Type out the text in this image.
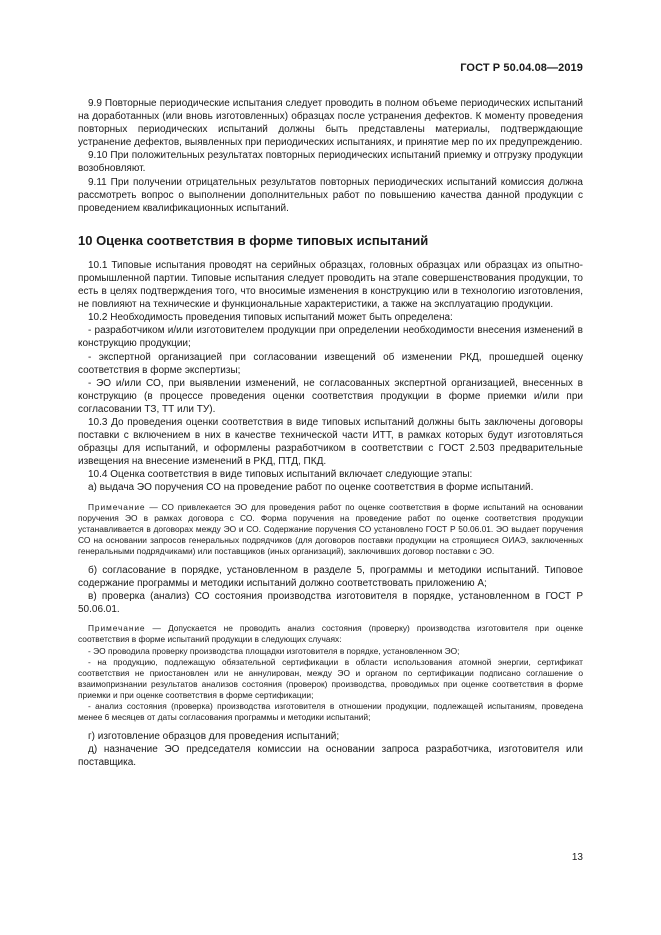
ГОСТ Р 50.04.08—2019

9.9 Повторные периодические испытания следует проводить в полном объеме периодических испытаний на доработанных (или вновь изготовленных) образцах после устранения дефектов. К моменту проведения повторных периодических испытаний должны быть представлены материалы, подтверждающие устранение дефектов, выявленных при периодических испытаниях, и принятие мер по их предупреждению.

9.10 При положительных результатах повторных периодических испытаний приемку и отгрузку продукции возобновляют.

9.11 При получении отрицательных результатов повторных периодических испытаний комиссия должна рассмотреть вопрос о выполнении дополнительных работ по повышению качества данной продукции с проведением квалификационных испытаний.

10 Оценка соответствия в форме типовых испытаний

10.1 Типовые испытания проводят на серийных образцах, головных образцах или образцах из опытно-промышленной партии. Типовые испытания следует проводить на этапе совершенствования продукции, то есть в целях подтверждения того, что вносимые изменения в конструкцию или в технологию изготовления, не повлияют на технические и функциональные характеристики, а также на эксплуатацию продукции.

10.2 Необходимость проведения типовых испытаний может быть определена:

- разработчиком и/или изготовителем продукции при определении необходимости внесения изменений в конструкцию продукции;

- экспертной организацией при согласовании извещений об изменении РКД, прошедшей оценку соответствия в форме экспертизы;

- ЭО и/или СО, при выявлении изменений, не согласованных экспертной организацией, внесенных в конструкцию (в процессе проведения оценки соответствия продукции в форме приемки и/или при согласовании ТЗ, ТТ или ТУ).

10.3 До проведения оценки соответствия в виде типовых испытаний должны быть заключены договоры поставки с включением в них в качестве технической части ИТТ, в рамках которых будут изготовляться образцы для испытаний, и оформлены разработчиком в соответствии с ГОСТ 2.503 предварительные извещения на внесение изменений в РКД, ПТД, ПКД.

10.4 Оценка соответствия в виде типовых испытаний включает следующие этапы:

а) выдача ЭО поручения СО на проведение работ по оценке соответствия в форме испытаний.

Примечание — СО привлекается ЭО для проведения работ по оценке соответствия в форме испытаний на основании поручения ЭО в рамках договора с СО. Форма поручения на проведение работ по оценке соответствия продукции устанавливается в договорах между ЭО и СО. Содержание поручения СО установлено ГОСТ Р 50.06.01. ЭО выдает поручения СО на основании запросов генеральных подрядчиков (для договоров поставки продукции на строящиеся ОИАЭ, заключенных генеральными подрядчиками) или поставщиков (иных организаций), заключивших договор поставки с ЭО.

б) согласование в порядке, установленном в разделе 5, программы и методики испытаний. Типовое содержание программы и методики испытаний должно соответствовать приложению А;

в) проверка (анализ) СО состояния производства изготовителя в порядке, установленном в ГОСТ Р 50.06.01.

Примечание — Допускается не проводить анализ состояния (проверку) производства изготовителя при оценке соответствия в форме испытаний продукции в следующих случаях:

- ЭО проводила проверку производства площадки изготовителя в порядке, установленном ЭО;

- на продукцию, подлежащую обязательной сертификации в области использования атомной энергии, сертификат соответствия не приостановлен или не аннулирован, между ЭО и органом по сертификации подписано соглашение о взаимопризнании результатов анализов состояния (проверок) производства, проводимых при оценке соответствия в форме приемки и при оценке соответствия в форме сертификации;

- анализ состояния (проверка) производства изготовителя в отношении продукции, подлежащей испытаниям, проведена менее 6 месяцев от даты согласования программы и методики испытаний;

г) изготовление образцов для проведения испытаний;

д) назначение ЭО председателя комиссии на основании запроса разработчика, изготовителя или поставщика.

13
